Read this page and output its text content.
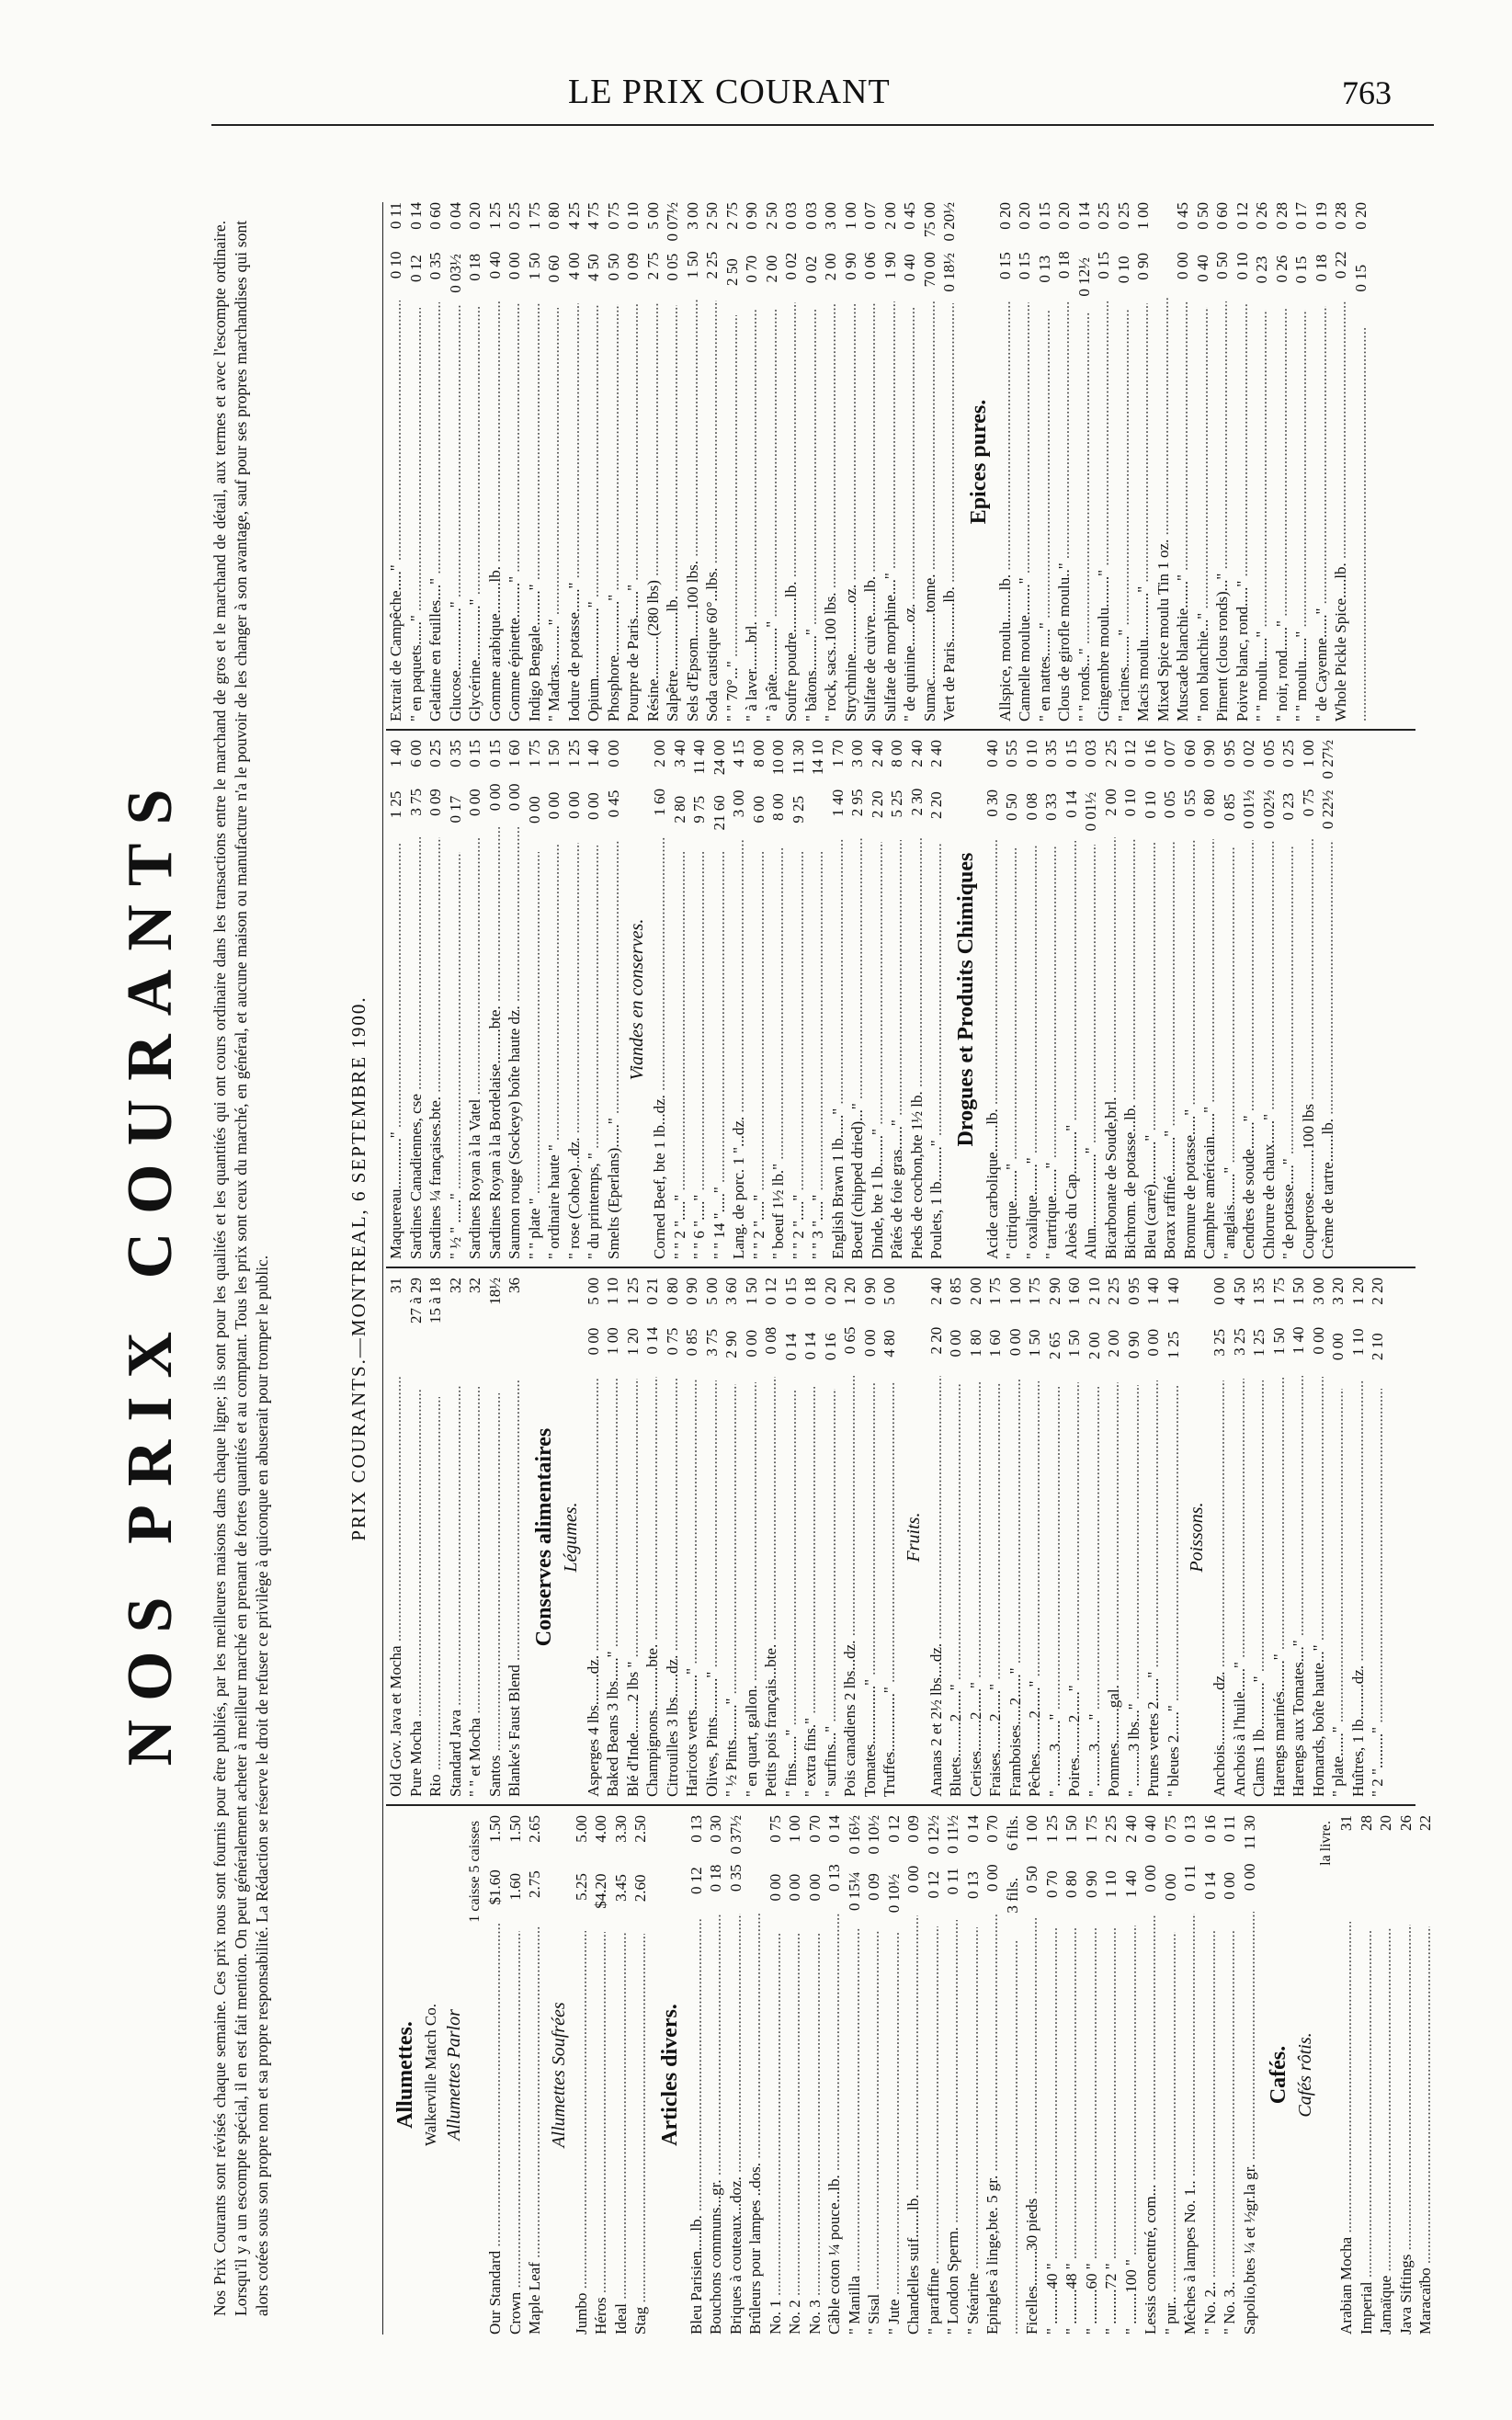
LE PRIX COURANT	763
NOS PRIX COURANTS Nos Prix Courants sont révisés chaque semaine. Ces prix nous sont fournis pour être publiés, par les meilleures maisons dans chaque ligne; ils sont pour les qualités et les quantités qui ont cours ordinaire dans les transactions entre le marchand de gros et le marchand de détail, aux termes et avec l'escompte ordinaire. Lorsqu'il y a un escompte spécial, il en est fait mention. On peut généralement acheter à meilleur marché en prenant de fortes quantités et au comptant. Tous les prix sont ceux du marché, en général, et aucune maison ou manufacture n'a le pouvoir de les changer à son avantage, sauf pour ses propres marchandises qui sont alors cotées sous son propre nom et sa propre responsabilité. La Rédaction se réserve le droit de refuser ce privilège à quiconque en abuserait pour tromper le public.	PRIX COURANTS.—MONTREAL, 6 SEPTEMBRE 1900.
Allumettes. Walkerville Match Co. Allumettes Parlor
1 caisse 5 caisses
Our Standard .....
$1.60
1.50
Crown .....
1.60
1.50
Maple Leaf .....
2.75
2.65
Allumettes Soufrées
Jumbo .....
5.25
5.00
Héros .....
$4.20
4.00
Ideal .....
3.45
3.30
Stag .....
2.60
2.50
Articles divers.
Bleu Parisien.....lb. .....
0 12
0 13
Bouchons communs...gr. .....
0 18
0 30
Briques à couteaux...doz. .....
0 35
0 37½
Brûleurs pour lampes ..dos. ..... No. 1 .....
0 00
0 75
No. 2 .....
0 00
1 00
No. 3 .....
0 00
0 70
Câble coton ¼ pouce...lb. .....
0 13
0 14
" Manilla .....
0 15¼
0 16½
" Sisal .....
0 09
0 10½
" Jute .....
0 10½
0 12
Chandelles suif.......lb. .....
0 00
0 09
" paraffine .....
0 12
0 12½
" London Sperm. .....
0 11
0 11½
" Stéarine .....
0 13
0 14
Epingles à linge,bte. 5 gr. .....
0 00
0 70
.....
3 fils.
6 fils.
Ficelles.........30 pieds .....
0 50
1 00
" .........40 " .....
0 70
1 25
" .........48 " .....
0 80
1 50
" .........60 " .....
0 90
1 75
" .........72 " .....
1 10
2 25
" ........100 " .....
1 40
2 40
Lessis concentré, com... .....
0 00
0 40
" pur.. .....
0 00
0 75
Mèches à lampes No. 1.. .....
0 11
0 13
" No. 2.. .....
0 14
0 16
" No. 3.. .....
0 00
0 11
Sapolio,btes ¼ et ½gr.la gr. .....
0 00
11 30
Cafés. Cafés rôtis.
la livre.
Arabian Mocha .....
31
Imperial .....
28
Jamaïque .....
20
Java Siftings .....
26
Maracaïbo .....
22
Old Gov. Java et Mocha .....
31
Pure Mocha .....
27 à 29
Rio .....
15 à 18
Standard Java .....
32
" " et Mocha .....
32
Santos .....
18½
Blanke's Faust Blend .....
36
Conserves alimentaires Légumes.
Asperges 4 lbs........dz. .....
0 00
5 00
Baked Beans 3 lbs......" .....
1 00
1 10
Blé d'Inde........2 lbs " .....
1 20
1 25
Champignons...........bte. .....
0 14
0 21
Citrouilles 3 lbs......dz. .....
0 75
0 80
Haricots verts........." .....
0 85
0 90
Olives, Pints.........." .....
3 75
5 00
" ½ Pints........." .....
2 90
3 60
" en quart, gallon. .....
0 00
1 50
Petits pois français...bte. .....
0 08
0 12
" fins......." .....
0 14
0 15
" extra fins." .....
0 14
0 18
" surfins..." .....
0 16
0 20
Pois canadiens 2 lbs...dz. .....
0 65
1 20
Tomates..............." .....
0 00
0 90
Truffes..............." .....
4 80
5 00
Fruits.
Ananas 2 et 2½ lbs....dz. .....
2 20
2 40
Bluets.........2......" .....
0 00
0 85
Cerises........2......" .....
1 80
2 00
Fraises........2......" .....
1 60
1 75
Framboises.....2......" .....
0 00
1 00
Pêches.........2......" .....
1 50
1 75
" .........3......" .....
2 65
2 90
Poires.........2......" .....
1 50
1 60
" .........3......" .....
2 00
2 10
Pommes.........gal. .....
2 00
2 25
" .........3 lbs..." .....
0 90
0 95
Prunes vertes 2......" .....
0 00
1 40
" bleues 2......" .....
1 25
1 40
Poissons.
Anchois..............dz. .....
3 25
0 00
Anchois à l'huile......" .....
3 25
4 50
Clams 1 lb............" .....
1 25
1 35
Harengs marinés........" .....
1 50
1 75
Harengs aux Tomates...." .....
1 40
1 50
Homards, boîte haute..." .....
0 00
3 00
" plate......" .....
0 00
3 20
Huîtres, 1 lb.........dz. .....
1 10
1 20
" 2 "........." .....
2 10
2 20
Maquereau............." .....
1 25
1 40
Sardines Canadiennes, cse .....
3 75
6 00
Sardines ¼ françaises.bte. .....
0 09
0 25
" ½ " ......" .....
0 17
0 35
Sardines Royan à la Vatel .....
0 00
0 15
Sardines Royan à la Bordelaise.........bte. .....
0 00
0 15
Saumon rouge (Sockeye) boîte haute dz. .....
0 00
1 60
" " plate " .....
0 00
1 75
" ordinaire haute " .....
0 00
1 50
" rose (Cohoe)...dz. .....
0 00
1 25
" du printemps, " .....
0 00
1 40
Smelts (Eperlans)......" .....
0 45
0 00
Viandes en conserves.
Corned Beef, bte 1 lb...dz. .....
1 60
2 00
" " 2 "....." .....
2 80
3 40
" " 6 "....." .....
9 75
11 40
" " 14 "....." .....
21 60
24 00
Lang. de porc. 1 "...dz. .....
3 00
4 15
" " 2 "....." .....
6 00
8 00
" boeuf 1½ lb." .....
8 00
10 00
" " 2 "....." .....
9 25
11 30
" " 3 "....." .....
14 10
English Brawn 1 lb......" .....
1 40
1 70
Boeuf (chipped dried)..." .....
2 95
3 00
Dinde, bte 1 lb........" .....
2 20
2 40
Pâtés de foie gras......" .....
5 25
8 00
Pieds de cochon,bte 1½ lb. .....
2 30
2 40
Poulets, 1 lb........." .....
2 20
2 40
Drogues et Produits Chimiques
Acide carbolique.......lb. .....
0 30
0 40
" citrique........" .....
0 50
0 55
" oxalique........" .....
0 08
0 10
" tartrique......." .....
0 33
0 35
Aloès du Cap..........." .....
0 14
0 15
Alun..................." .....
0 01½
0 03
Bicarbonate de Soude,brl. .....
2 00
2 25
Bichrom. de potasse...lb. .....
0 10
0 12
Bleu (carré)..........." .....
0 10
0 16
Borax raffiné.........." .....
0 05
0 07
Bromure de potasse....." .....
0 55
0 60
Camphre américain......" .....
0 80
0 90
" anglais........" .....
0 85
0 95
Cendres de soude......." .....
0 01½
0 02
Chlorure de chaux......" .....
0 02½
0 05
" de potasse....." .....
0 23
0 25
Couperose...........100 lbs .....
0 75
1 00
Crème de tartre.......lb. .....
0 22½
0 27½
Extrait de Campêche....." .....
0 10
0 11
" en paquets......" .....
0 12
0 14
Gelatine en feuilles...." .....
0 35
0 60
Glucose................" .....
0 03½
0 04
Glycérine.............." .....
0 18
0 20
Gomme arabique........lb. .....
0 40
1 25
Gomme épinette........." .....
0 00
0 25
Indigo Bengale........." .....
1 50
1 75
" Madras.........." .....
0 60
0 80
Iodure de potasse......" .....
4 00
4 25
Opium.................." .....
4 50
4 75
Phosphore.............." .....
0 50
0 75
Pourpre de Paris......." .....
0 09
0 10
Résine...........(280 lbs) .....
2 75
5 00
Salpêtre...............lb. .....
0 05
0 07½
Sels d'Epsom.......100 lbs. .....
1 50
3 00
Soda caustique 60°...lbs. .....
2 25
2 50
" " 70°..." .....
2 50
2 75
" à laver.......brl. .....
0 70
0 90
" à pâte............" .....
2 00
2 50
Soufre poudre.........lb. .....
0 02
0 03
" bâtons........." .....
0 02
0 03
" rock, sacs..100 lbs. .....
2 00
3 00
Strychnine.............oz. .....
0 90
1 00
Sulfate de cuivre......lb. .....
0 06
0 07
Sulfate de morphine...." .....
1 90
2 00
" de quinine......oz. .....
0 40
0 45
Sumac.................tonne. .....
70 00
75 00
Vert de Paris..........lb. .....
0 18½
0 20½
Epices pures.
Allspice, moulu........lb. .....
0 15
0 20
Cannelle moulue........" .....
0 15
0 20
" en nattes......." .....
0 13
0 15
Clous de girofle moulu.." .....
0 18
0 20
" " ronds..." .....
0 12½
0 14
Gingembre moulu........" .....
0 15
0 25
" racines........" .....
0 10
0 25
Macis moulu............" .....
0 90
1 00
Mixed Spice moulu Tin 1 oz. ..... Muscade blanchie......." .....
0 00
0 45
" non blanchie..." .....
0 40
0 50
Piment (clous ronds)..." .....
0 50
0 60
Poivre blanc, rond....." .....
0 10
0 12
" " moulu......" .....
0 23
0 26
" noir, rond......" .....
0 26
0 28
" " moulu......" .....
0 15
0 17
" de Cayenne......" .....
0 18
0 19
Whole Pickle Spice.....lb. .....
0 22
0 28
.....
0 15
0 20
